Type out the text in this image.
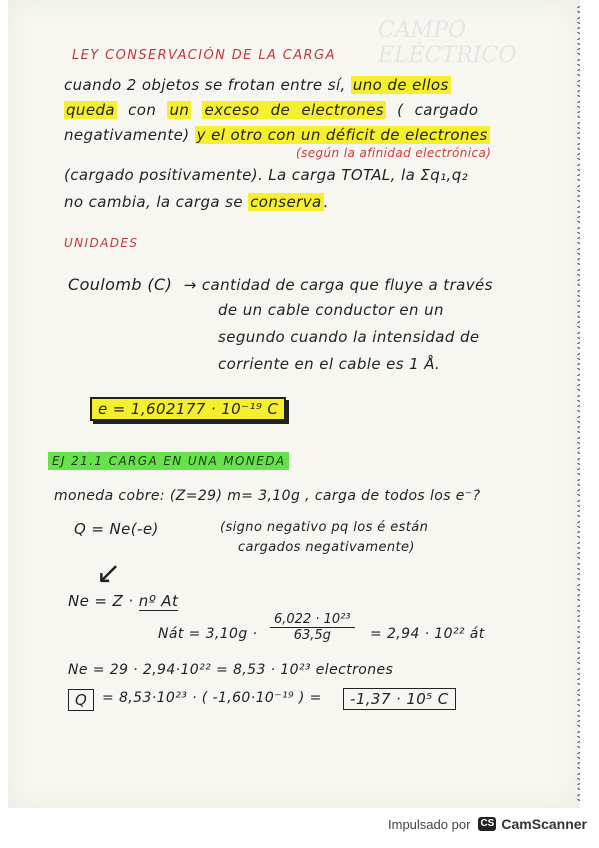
CAMPO ELÉCTRICO
LEY CONSERVACIÓN DE LA CARGA
cuando 2 objetos se frotan entre sí, uno de ellos
queda con un exceso de electrones ( cargado
negativamente) y el otro con un déficit de electrones
(según la afinidad electrónica)
(cargado positivamente). La carga TOTAL, la Σq₁,q₂
no cambia, la carga se conserva .
UNIDADES
Coulomb (C) → cantidad de carga que fluye a través
de un cable conductor en un
segundo cuando la intensidad de
corriente en el cable es 1 Å.
e = 1,602177 · 10⁻¹⁹ C
EJ 21.1 CARGA EN UNA MONEDA
moneda cobre: (Z=29) m= 3,10g , carga de todos los e⁻?
Q = Ne(-e)	(signo negativo pq los é están
cargados negativamente)
↙
Ne = Z · nº At
Nát = $3,10g \cdot \frac{\text{6,022 · 10²³}}{63,5g} = 2,94 \cdot 10^{22}$ át
Ne = 29 · 2,94·10²² = 8,53 · 10²³ electrones
Q	= 8,53·10²³ · ( -1,60·10⁻¹⁹ ) =	-1,37 · 10⁵ C
Impulsado por CS CamScanner
